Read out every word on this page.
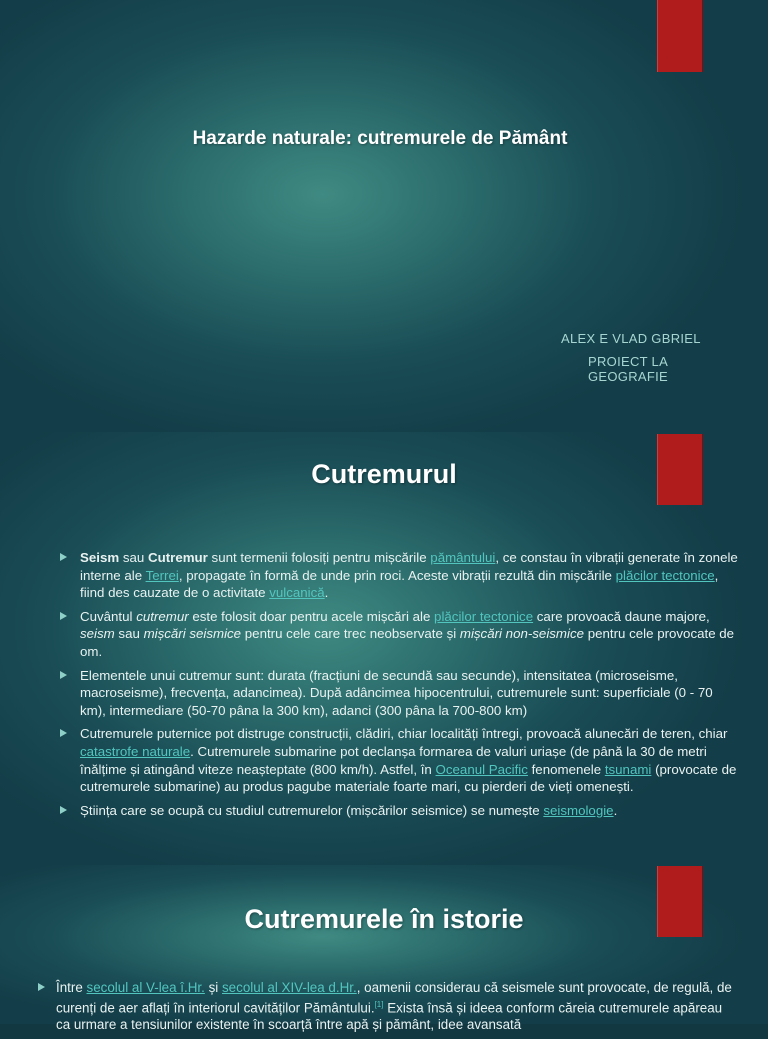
Hazarde naturale: cutremurele de Pământ
ALEX E VLAD GBRIEL
PROIECT LA
GEOGRAFIE
Cutremurul
Seism sau Cutremur sunt termenii folosiți pentru mișcările pământului, ce constau în vibrații generate în zonele interne ale Terrei, propagate în formă de unde prin roci. Aceste vibrații rezultă din mișcările plăcilor tectonice, fiind des cauzate de o activitate vulcanică.
Cuvântul cutremur este folosit doar pentru acele mișcări ale plăcilor tectonice care provoacă daune majore, seism sau mișcări seismice pentru cele care trec neobservate și mișcări non-seismice pentru cele provocate de om.
Elementele unui cutremur sunt: durata (fracțiuni de secundă sau secunde), intensitatea (microseisme, macroseisme), frecvența, adancimea). După adâncimea hipocentrului, cutremurele sunt: superficiale (0 - 70 km), intermediare (50-70 pâna la 300 km), adanci (300 pâna la 700-800 km)
Cutremurele puternice pot distruge construcții, clădiri, chiar localități întregi, provoacă alunecări de teren, chiar catastrofe naturale. Cutremurele submarine pot declanșa formarea de valuri uriașe (de până la 30 de metri înălțime și atingând viteze neașteptate (800 km/h). Astfel, în Oceanul Pacific fenomenele tsunami (provocate de cutremurele submarine) au produs pagube materiale foarte mari, cu pierderi de vieți omenești.
Știința care se ocupă cu studiul cutremurelor (mișcărilor seismice) se numește seismologie.
Cutremurele în istorie
Între secolul al V-lea î.Hr. și secolul al XIV-lea d.Hr., oamenii considerau că seismele sunt provocate, de regulă, de curenți de aer aflați în interiorul cavităților Pământului.[1] Exista însă și ideea conform căreia cutremurele apăreau ca urmare a tensiunilor existente în scoarță între apă și pământ, idee avansată
